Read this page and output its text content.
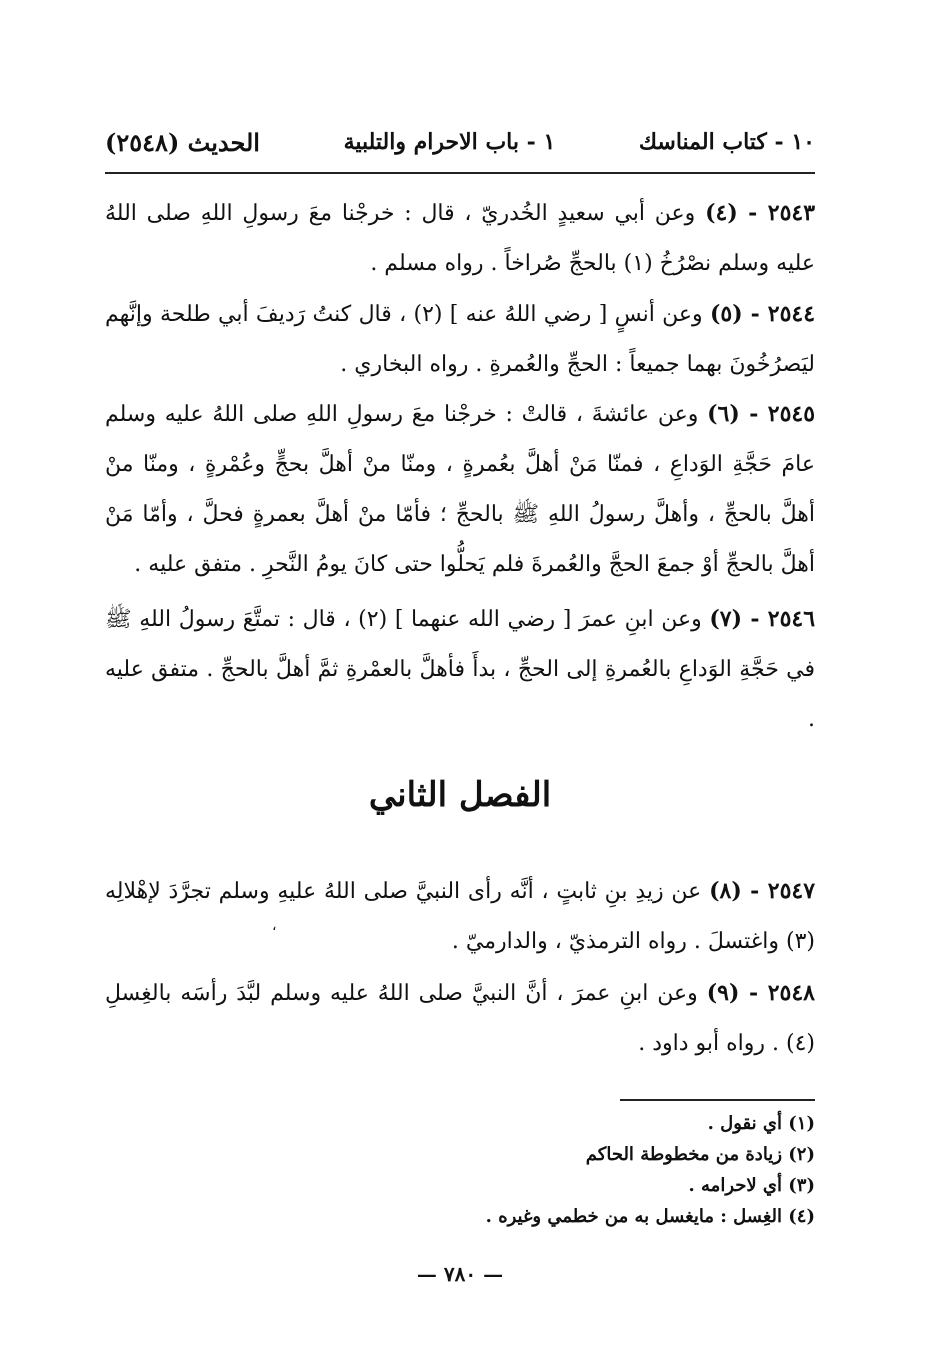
١٠ - كتاب المناسك
١ - باب الاحرام والتلبية
الحديث (٢٥٤٨)
٢٥٤٣ - (٤) وعن أبي سعيدٍ الخُدريّ ، قال : خرجْنا معَ رسولِ اللهِ صلى اللهُ عليه وسلم نصْرُخُ (١) بالحجِّ صُراخاً . رواه مسلم .
٢٥٤٤ - (٥) وعن أنسٍ [ رضي اللهُ عنه ] (٢) ، قال كنتُ رَديفَ أبي طلحة وإنَّهم ليَصرُخُونَ بهما جميعاً : الحجِّ والعُمرةِ . رواه البخاري .
٢٥٤٥ - (٦) وعن عائشةَ ، قالتْ : خرجْنا معَ رسولِ اللهِ صلى اللهُ عليه وسلم عامَ حَجَّةِ الوَداعِ ، فمنّا مَنْ أهلَّ بعُمرةٍ ، ومنّا منْ أهلَّ بحجٍّ وعُمْرةٍ ، ومنّا منْ أهلَّ بالحجِّ ، وأهلَّ رسولُ اللهِ ﷺ بالحجِّ ؛ فأمّا منْ أهلَّ بعمرةٍ فحلَّ ، وأمّا مَنْ أهلَّ بالحجِّ أوْ جمعَ الحجَّ والعُمرةَ فلم يَحلُّوا حتى كانَ يومُ النَّحرِ . متفق عليه .
٢٥٤٦ - (٧) وعن ابنِ عمرَ [ رضي الله عنهما ] (٢) ، قال : تمتَّعَ رسولُ اللهِ ﷺ في حَجَّةِ الوَداعِ بالعُمرةِ إلى الحجِّ ، بدأَ فأهلَّ بالعمْرةِ ثمَّ أهلَّ بالحجِّ . متفق عليه .
الفصل الثاني
٢٥٤٧ - (٨) عن زيدِ بنِ ثابتٍ ، أنَّه رأى النبيَّ صلى اللهُ عليهِ وسلم تجرَّدَ لإهْلالِه (٣) واغتسلَ . رواه الترمذيّ ، والدارميّ .
،
٢٥٤٨ - (٩) وعن ابنِ عمرَ ، أنَّ النبيَّ صلى اللهُ عليه وسلم لبَّدَ رأسَه بالغِسلِ (٤) . رواه أبو داود .
(١) أي نقول .
(٢) زيادة من مخطوطة الحاكم
(٣) أي لاحرامه .
(٤) الغِسل : مايغسل به من خطمي وغيره .
— ٧٨٠ —
